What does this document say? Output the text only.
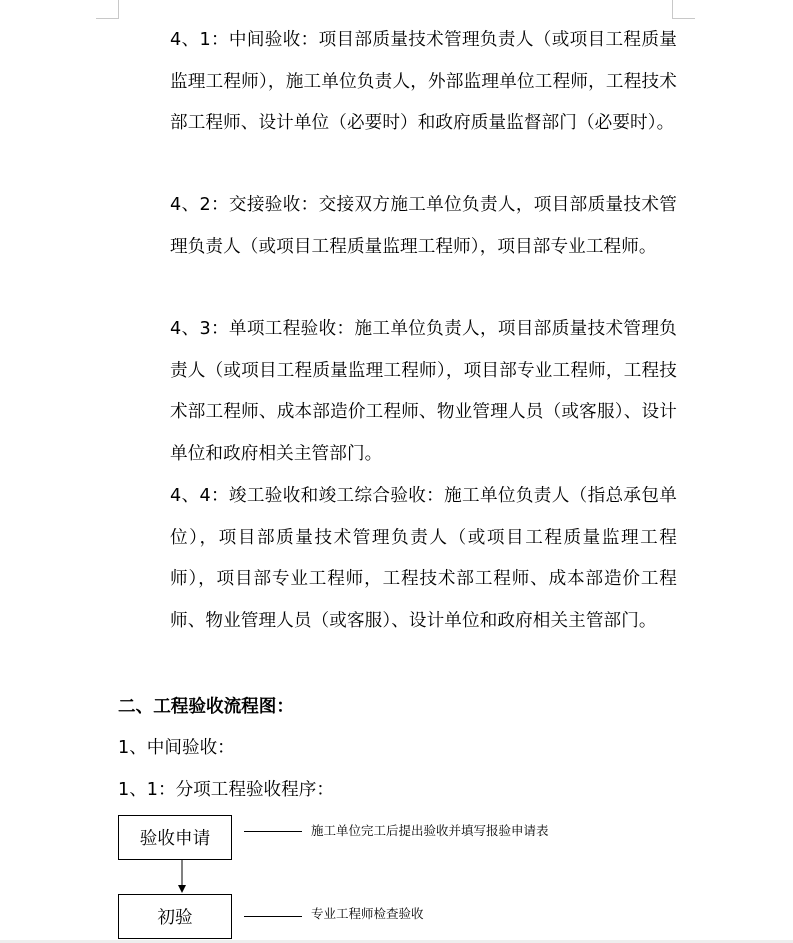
4、1：中间验收：项目部质量技术管理负责人（或项目工程质量监理工程师），施工单位负责人，外部监理单位工程师，工程技术部工程师、设计单位（必要时）和政府质量监督部门（必要时）。
4、2：交接验收：交接双方施工单位负责人，项目部质量技术管理负责人（或项目工程质量监理工程师），项目部专业工程师。
4、3：单项工程验收：施工单位负责人，项目部质量技术管理负责人（或项目工程质量监理工程师），项目部专业工程师，工程技术部工程师、成本部造价工程师、物业管理人员（或客服）、设计单位和政府相关主管部门。
4、4：竣工验收和竣工综合验收：施工单位负责人（指总承包单位），项目部质量技术管理负责人（或项目工程质量监理工程师），项目部专业工程师，工程技术部工程师、成本部造价工程师、物业管理人员（或客服）、设计单位和政府相关主管部门。
二、工程验收流程图：
1、中间验收：
1、1：分项工程验收程序：
验收申请	施工单位完工后提出验收并填写报验申请表
初验	专业工程师检查验收
